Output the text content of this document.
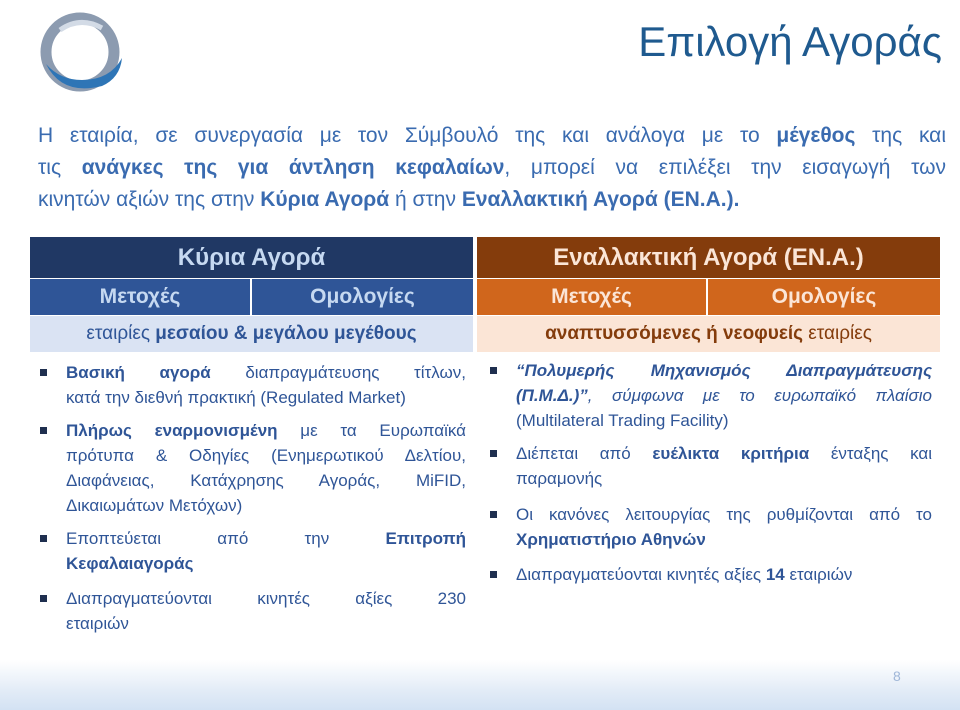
Επιλογή Αγοράς
Η εταιρία, σε συνεργασία με τον Σύμβουλό της και ανάλογα με το μέγεθος της και
τις ανάγκες της για άντληση κεφαλαίων, μπορεί να επιλέξει την εισαγωγή των
κινητών αξιών της στην Κύρια Αγορά ή στην Εναλλακτική Αγορά (ΕΝ.Α.).
Κύρια Αγορά	Εναλλακτική Αγορά (ΕΝ.Α.)
Μετοχές	Ομολογίες	Μετοχές	Ομολογίες
εταιρίες μεσαίου & μεγάλου μεγέθους	αναπτυσσόμενες ή νεοφυείς εταιρίες
Βασική αγορά διαπραγμάτευσης τίτλων,
κατά την διεθνή πρακτική (Regulated Market)
Πλήρως εναρμονισμένη με τα Ευρωπαϊκά
πρότυπα & Οδηγίες (Ενημερωτικού Δελτίου,
Διαφάνειας, Κατάχρησης Αγοράς, MiFID,
Δικαιωμάτων Μετόχων)
Εποπτεύεται από την Επιτροπή
Κεφαλαιαγοράς
Διαπραγματεύονται κινητές αξίες 230
εταιριών
“Πολυμερής Μηχανισμός Διαπραγμάτευσης
(Π.Μ.Δ.)”, σύμφωνα με το ευρωπαϊκό πλαίσιο
(Multilateral Trading Facility)
Διέπεται από ευέλικτα κριτήρια ένταξης και
παραμονής
Οι κανόνες λειτουργίας της ρυθμίζονται από το
Χρηματιστήριο Αθηνών
Διαπραγματεύονται κινητές αξίες 14 εταιριών
8
